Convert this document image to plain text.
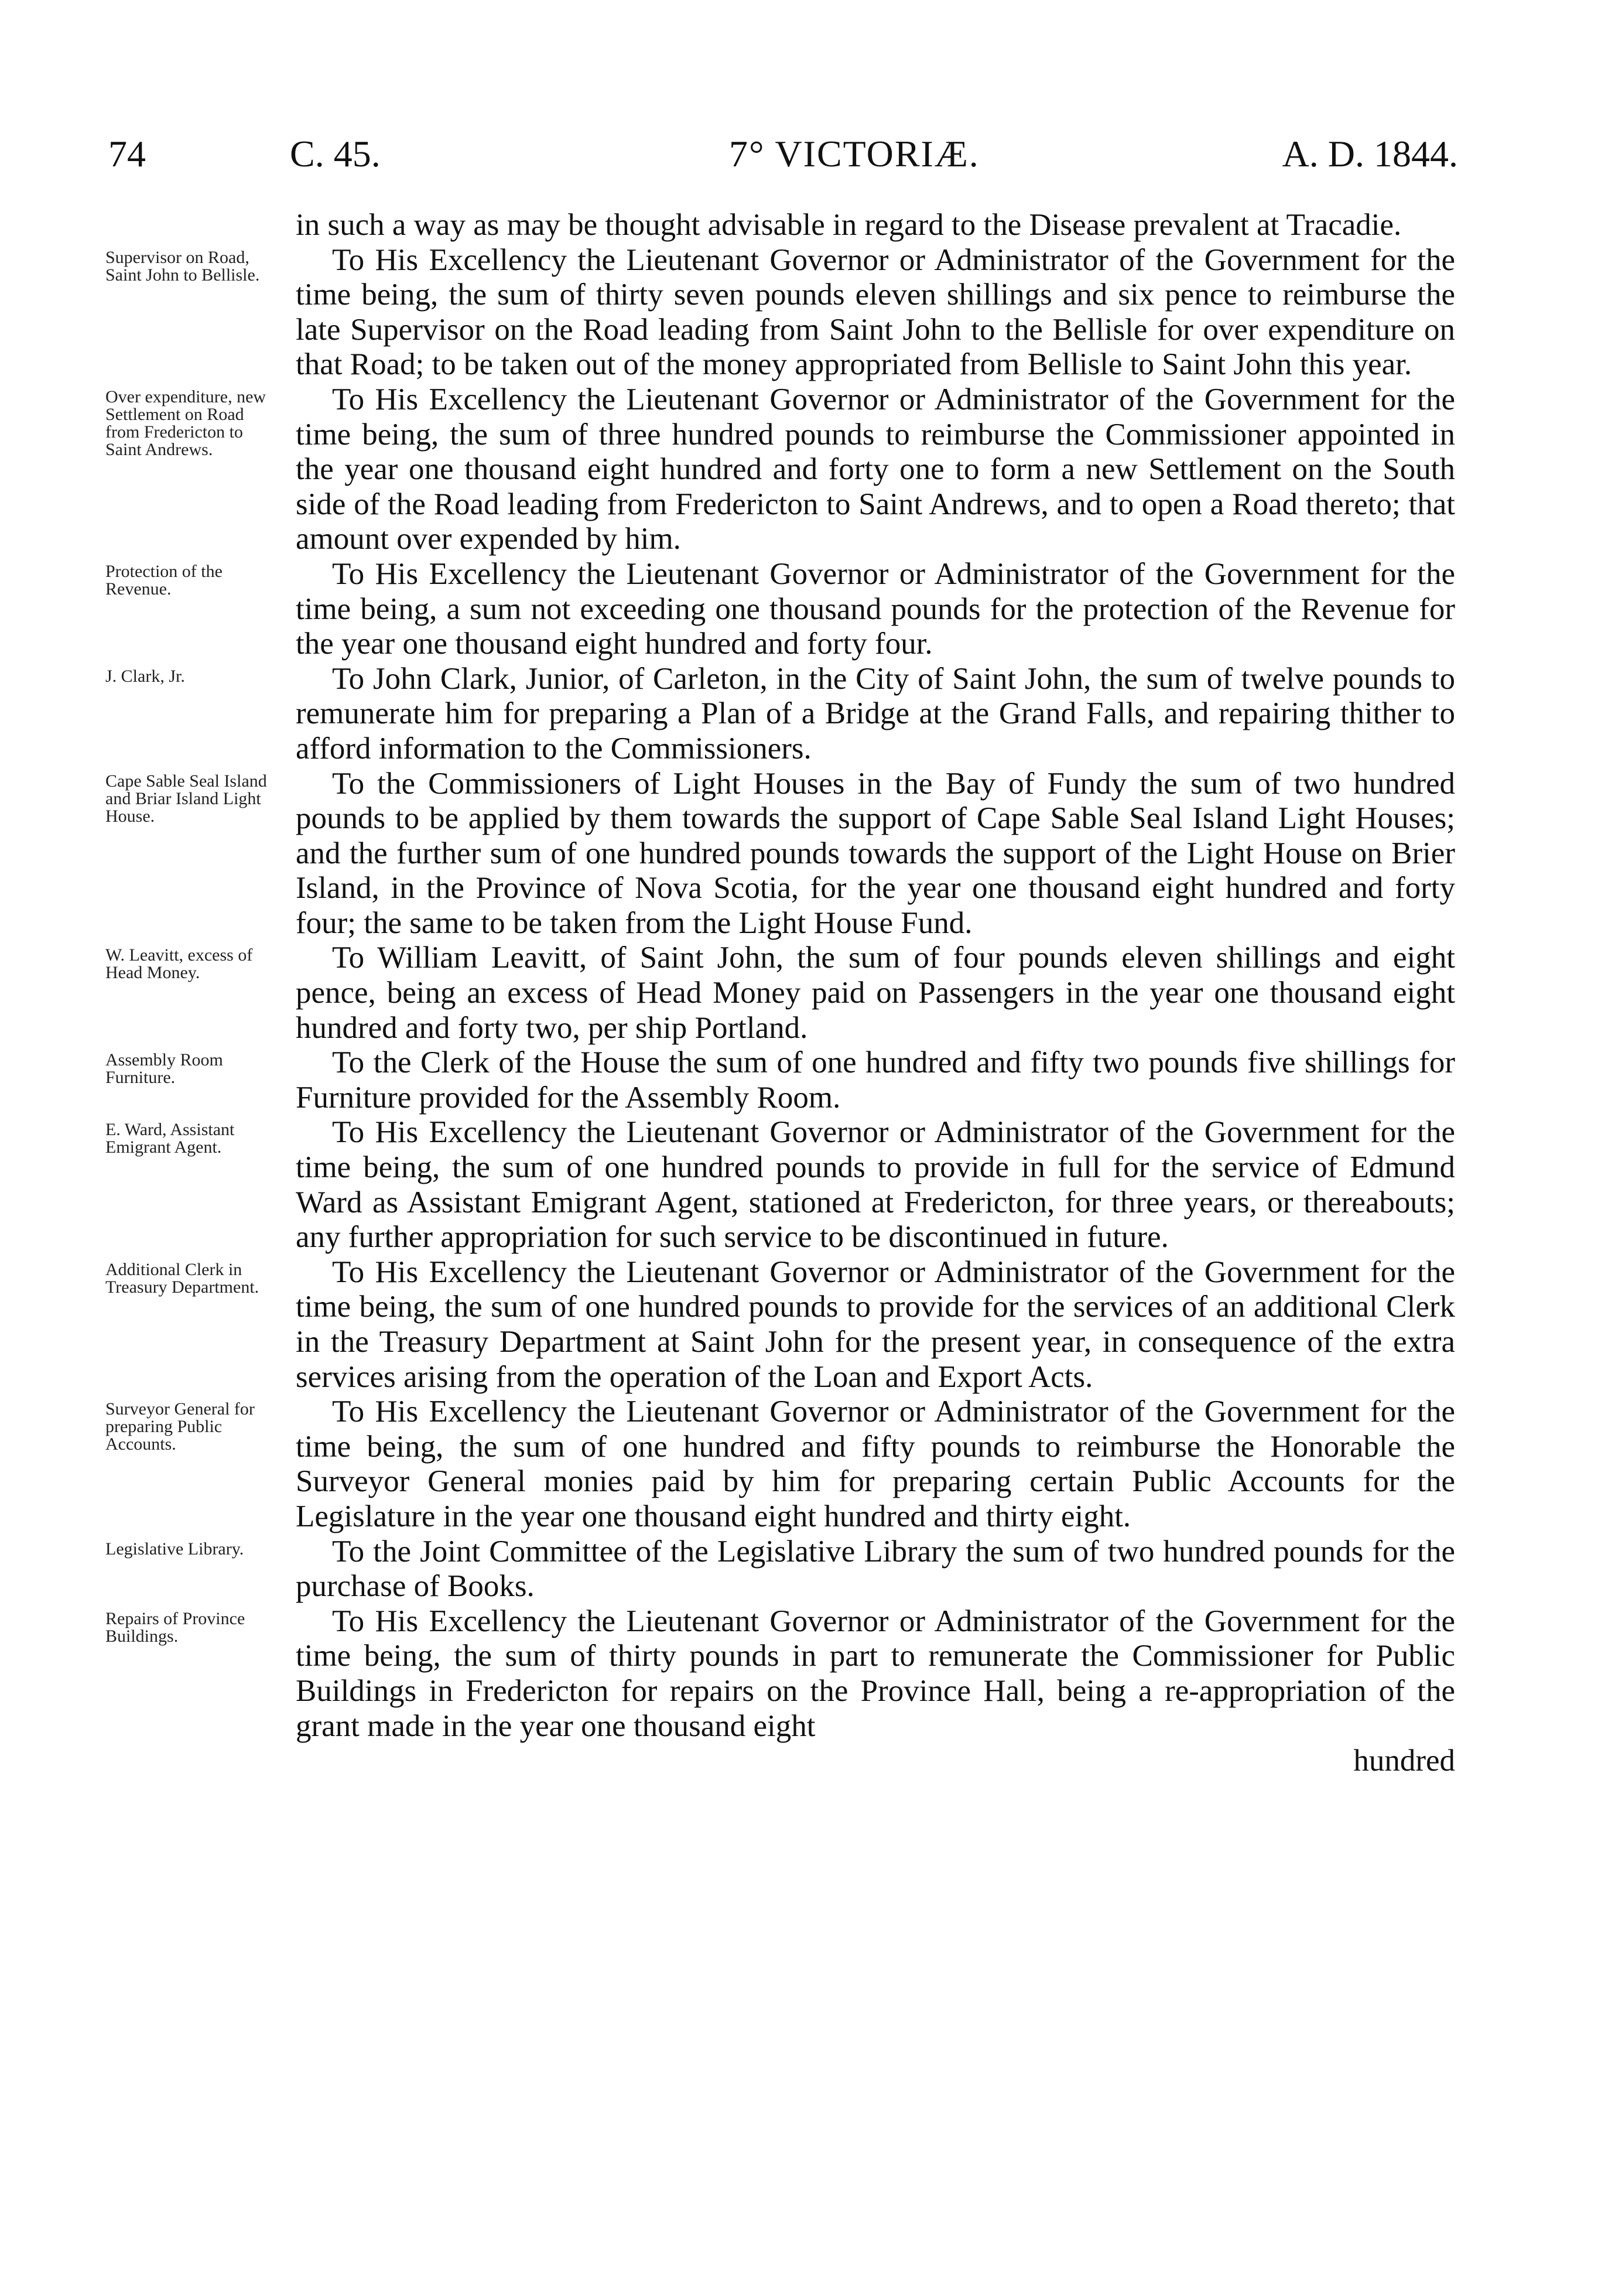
74	C. 45.	7° VICTORIÆ.	A. D. 1844.

in such a way as may be thought advisable in regard to the Disease prevalent at Tracadie.

Supervisor on Road, Saint John to Bellisle.	To His Excellency the Lieutenant Governor or Administrator of the Government for the time being, the sum of thirty seven pounds eleven shillings and six pence to reimburse the late Supervisor on the Road leading from Saint John to the Bellisle for over expenditure on that Road; to be taken out of the money appropriated from Bellisle to Saint John this year.

Over expenditure, new Settlement on Road from Fredericton to Saint Andrews.

To His Excellency the Lieutenant Governor or Administrator of the Government for the time being, the sum of three hundred pounds to reimburse the Commissioner appointed in the year one thousand eight hundred and forty one to form a new Settlement on the South side of the Road leading from Fredericton to Saint Andrews, and to open a Road thereto; that amount over expended by him.

Protection of the Revenue.	To His Excellency the Lieutenant Governor or Administrator of the Government for the time being, a sum not exceeding one thousand pounds for the protection of the Revenue for the year one thousand eight hundred and forty four.

J. Clark, Jr.	To John Clark, Junior, of Carleton, in the City of Saint John, the sum of twelve pounds to remunerate him for preparing a Plan of a Bridge at the Grand Falls, and repairing thither to afford information to the Commissioners.

Cape Sable Seal Island and Briar Island Light House.

To the Commissioners of Light Houses in the Bay of Fundy the sum of two hundred pounds to be applied by them towards the support of Cape Sable Seal Island Light Houses; and the further sum of one hundred pounds towards the support of the Light House on Brier Island, in the Province of Nova Scotia, for the year one thousand eight hundred and forty four; the same to be taken from the Light House Fund.

W. Leavitt, excess of Head Money.	To William Leavitt, of Saint John, the sum of four pounds eleven shillings and eight pence, being an excess of Head Money paid on Passengers in the year one thousand eight hundred and forty two, per ship Portland.

Assembly Room Furniture.	To the Clerk of the House the sum of one hundred and fifty two pounds five shillings for Furniture provided for the Assembly Room.

E. Ward, Assistant Emigrant Agent.	To His Excellency the Lieutenant Governor or Administrator of the Government for the time being, the sum of one hundred pounds to provide in full for the service of Edmund Ward as Assistant Emigrant Agent, stationed at Fredericton, for three years, or thereabouts; any further appropriation for such service to be discontinued in future.

Additional Clerk in Treasury Department.	To His Excellency the Lieutenant Governor or Administrator of the Government for the time being, the sum of one hundred pounds to provide for the services of an additional Clerk in the Treasury Department at Saint John for the present year, in consequence of the extra services arising from the operation of the Loan and Export Acts.

Surveyor General for preparing Public Accounts.

To His Excellency the Lieutenant Governor or Administrator of the Government for the time being, the sum of one hundred and fifty pounds to reimburse the Honorable the Surveyor General monies paid by him for preparing certain Public Accounts for the Legislature in the year one thousand eight hundred and thirty eight.

Legislative Library.	To the Joint Committee of the Legislative Library the sum of two hundred pounds for the purchase of Books.

Repairs of Province Buildings.	To His Excellency the Lieutenant Governor or Administrator of the Government for the time being, the sum of thirty pounds in part to remunerate the Commissioner for Public Buildings in Fredericton for repairs on the Province Hall, being a re-appropriation of the grant made in the year one thousand eight

hundred
